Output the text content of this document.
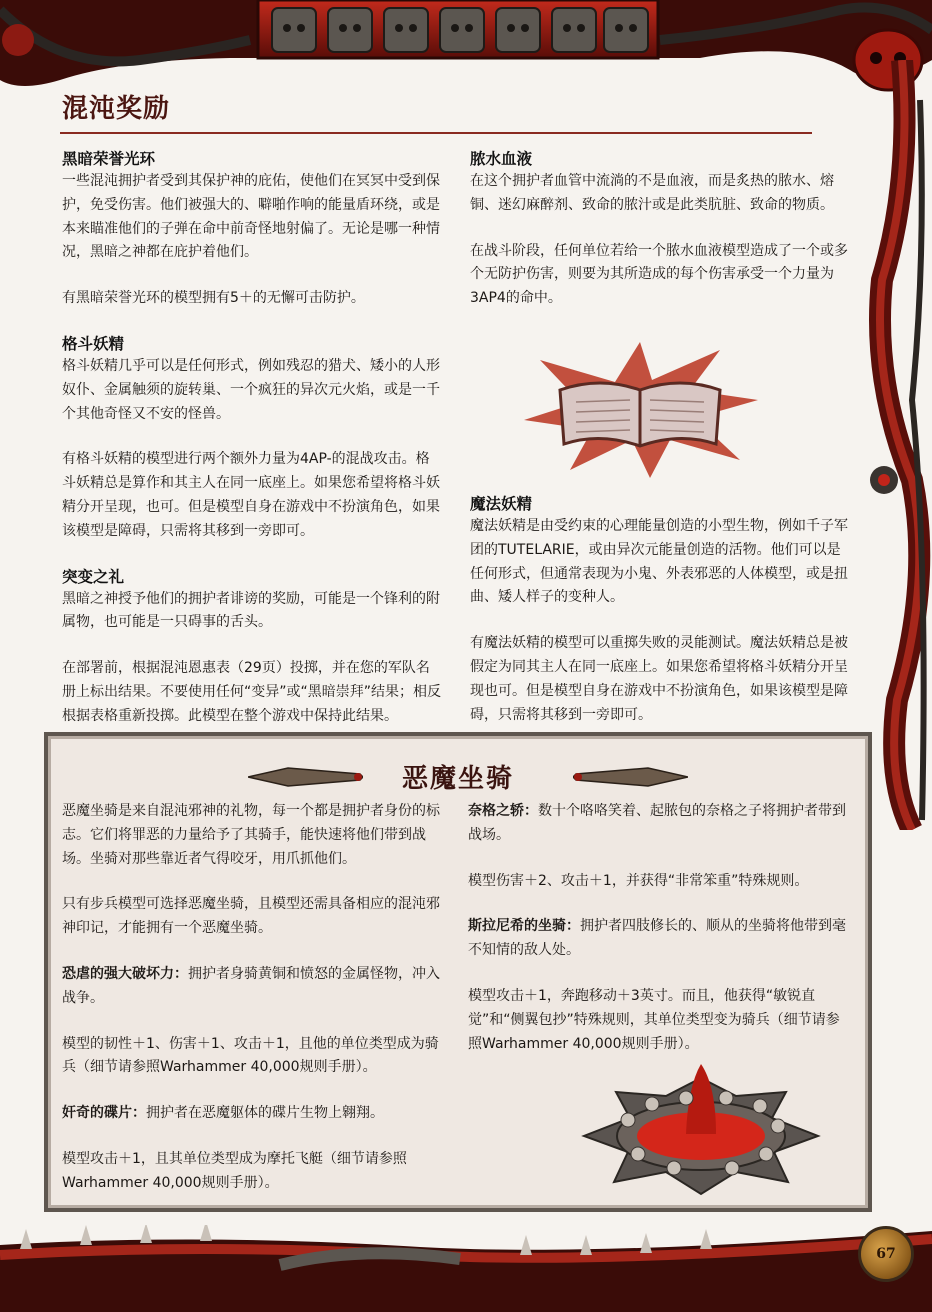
混沌奖励
黑暗荣誉光环

一些混沌拥护者受到其保护神的庇佑，使他们在冥冥中受到保护，免受伤害。他们被强大的、噼啪作响的能量盾环绕，或是本来瞄准他们的子弹在命中前奇怪地射偏了。无论是哪一种情况，黑暗之神都在庇护着他们。

有黑暗荣誉光环的模型拥有5＋的无懈可击防护。

格斗妖精

格斗妖精几乎可以是任何形式，例如残忍的猎犬、矮小的人形奴仆、金属触须的旋转巢、一个疯狂的异次元火焰，或是一千个其他奇怪又不安的怪兽。

有格斗妖精的模型进行两个额外力量为4AP-的混战攻击。格斗妖精总是算作和其主人在同一底座上。如果您希望将格斗妖精分开呈现，也可。但是模型自身在游戏中不扮演角色，如果该模型是障碍，只需将其移到一旁即可。

突变之礼

黑暗之神授予他们的拥护者诽谤的奖励，可能是一个锋利的附属物，也可能是一只碍事的舌头。

在部署前，根据混沌恩惠表（29页）投掷，并在您的军队名册上标出结果。不要使用任何“变异”或“黑暗崇拜”结果；相反根据表格重新投掷。此模型在整个游戏中保持此结果。

脓水血液

在这个拥护者血管中流淌的不是血液，而是炙热的脓水、熔铜、迷幻麻醉剂、致命的脓汁或是此类肮脏、致命的物质。

在战斗阶段，任何单位若给一个脓水血液模型造成了一个或多个无防护伤害，则要为其所造成的每个伤害承受一个力量为3AP4的命中。

魔法妖精

魔法妖精是由受约束的心理能量创造的小型生物，例如千子军团的TUTELARIE，或由异次元能量创造的活物。他们可以是任何形式，但通常表现为小鬼、外表邪恶的人体模型，或是扭曲、矮人样子的变种人。

有魔法妖精的模型可以重掷失败的灵能测试。魔法妖精总是被假定为同其主人在同一底座上。如果您希望将格斗妖精分开呈现也可。但是模型自身在游戏中不扮演角色，如果该模型是障碍，只需将其移到一旁即可。

恶魔坐骑

恶魔坐骑是来自混沌邪神的礼物，每一个都是拥护者身份的标志。它们将罪恶的力量给予了其骑手，能快速将他们带到战场。坐骑对那些靠近者气得咬牙，用爪抓他们。

只有步兵模型可选择恶魔坐骑，且模型还需具备相应的混沌邪神印记，才能拥有一个恶魔坐骑。

恐虐的强大破坏力：拥护者身骑黄铜和愤怒的金属怪物，冲入战争。

模型的韧性＋1、伤害＋1、攻击＋1，且他的单位类型成为骑兵（细节请参照Warhammer 40,000规则手册）。

奸奇的碟片：拥护者在恶魔躯体的碟片生物上翱翔。

模型攻击＋1，且其单位类型成为摩托飞艇（细节请参照Warhammer 40,000规则手册）。

奈格之轿：数十个咯咯笑着、起脓包的奈格之子将拥护者带到战场。

模型伤害＋2、攻击＋1，并获得“非常笨重”特殊规则。

斯拉尼希的坐骑：拥护者四肢修长的、顺从的坐骑将他带到毫不知情的敌人处。

模型攻击＋1，奔跑移动＋3英寸。而且，他获得“敏锐直觉”和“侧翼包抄”特殊规则，其单位类型变为骑兵（细节请参照Warhammer 40,000规则手册）。

67
